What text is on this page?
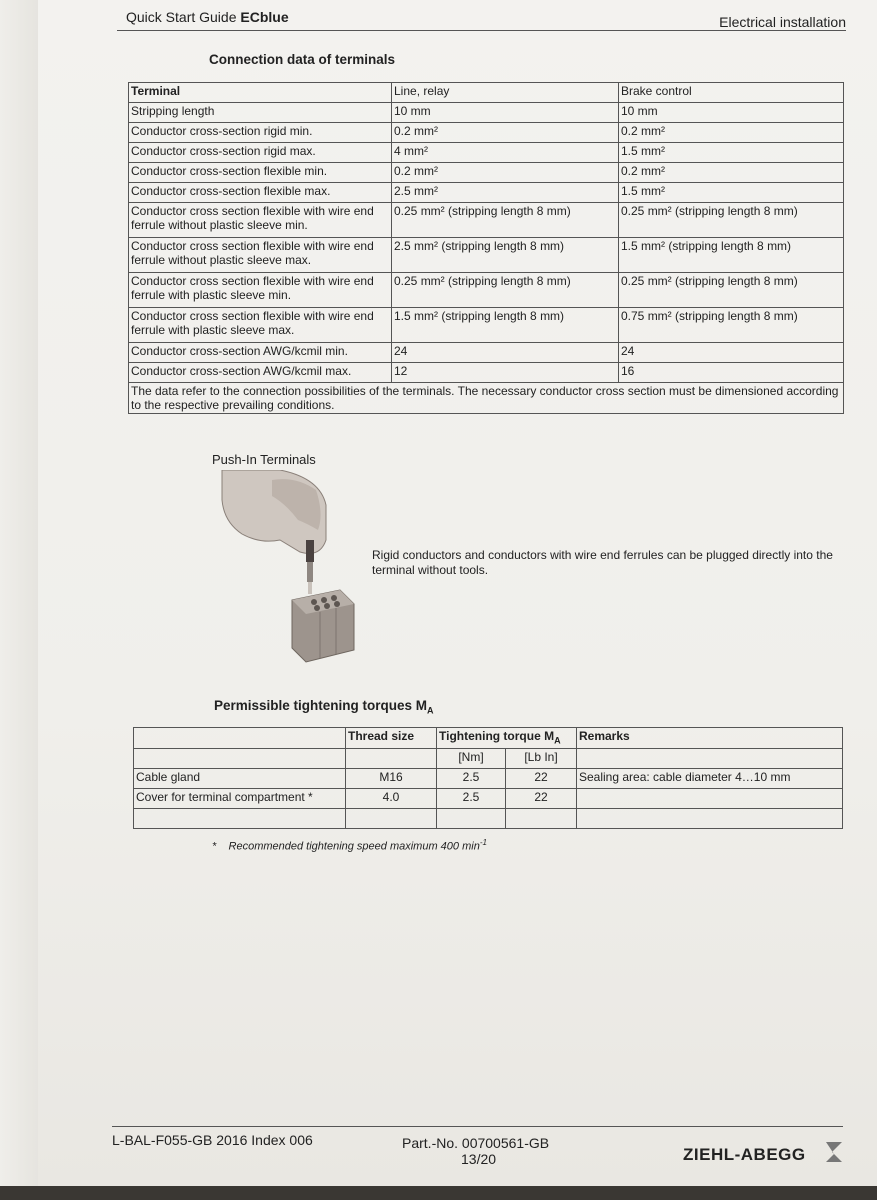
Quick Start Guide ECblue	Electrical installation
Connection data of terminals
Terminal	Line, relay	Brake control
Stripping length	10 mm	10 mm
Conductor cross-section rigid min.	0.2 mm²	0.2 mm²
Conductor cross-section rigid max.	4 mm²	1.5 mm²
Conductor cross-section flexible min.	0.2 mm²	0.2 mm²
Conductor cross-section flexible max.	2.5 mm²	1.5 mm²
Conductor cross section flexible with wire end ferrule without plastic sleeve min.	0.25 mm² (stripping length 8 mm)	0.25 mm² (stripping length 8 mm)
Conductor cross section flexible with wire end ferrule without plastic sleeve max.	2.5 mm² (stripping length 8 mm)	1.5 mm² (stripping length 8 mm)
Conductor cross section flexible with wire end ferrule with plastic sleeve min.	0.25 mm² (stripping length 8 mm)	0.25 mm² (stripping length 8 mm)
Conductor cross section flexible with wire end ferrule with plastic sleeve max.	1.5 mm² (stripping length 8 mm)	0.75 mm² (stripping length 8 mm)
Conductor cross-section AWG/kcmil min.	24	24
Conductor cross-section AWG/kcmil max.	12	16
The data refer to the connection possibilities of the terminals. The necessary conductor cross section must be dimensioned according to the respective prevailing conditions.		
Push-In Terminals
Rigid conductors and conductors with wire end ferrules can be plugged directly into the terminal without tools.
Permissible tightening torques $M_A$
	Thread size	Tightening torque $M_A$		Remarks
		[Nm]	[Lb In]	
Cable gland	M16	2.5	22	Sealing area: cable diameter 4…10 mm
Cover for terminal compartment *	4.0	2.5	22	

* Recommended tightening speed maximum 400 $\min^{-1}$
L-BAL-F055-GB 2016 Index 006	Part.-No. 00700561-GB
13/20	ZIEHL-ABEGG
